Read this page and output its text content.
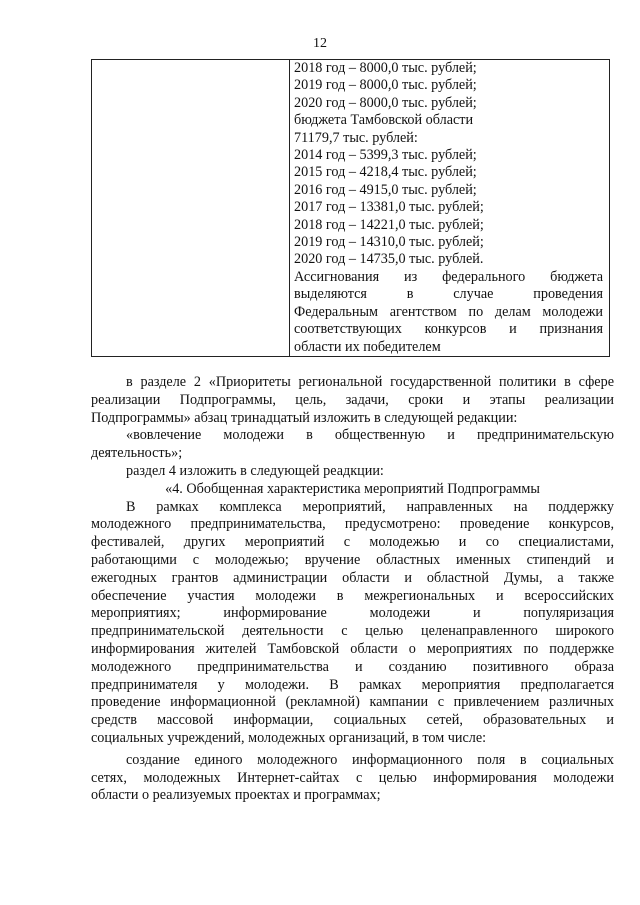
12

2018 год – 8000,0 тыс. рублей;
2019 год – 8000,0 тыс. рублей;
2020 год – 8000,0 тыс. рублей;
бюджета Тамбовской области
71179,7 тыс. рублей:
2014 год – 5399,3 тыс. рублей;
2015 год – 4218,4 тыс. рублей;
2016 год – 4915,0 тыс. рублей;
2017 год – 13381,0 тыс. рублей;
2018 год – 14221,0 тыс. рублей;
2019 год – 14310,0 тыс. рублей;
2020 год – 14735,0 тыс. рублей.
Ассигнования из федерального бюджета
выделяются в случае проведения
Федеральным агентством по делам молодежи
соответствующих конкурсов и признания
области их победителем
в разделе 2 «Приоритеты региональной государственной политики в сфере
реализации Подпрограммы, цель, задачи, сроки и этапы реализации
Подпрограммы» абзац тринадцатый изложить в следующей редакции:
«вовлечение молодежи в общественную и предпринимательскую
деятельность»;
раздел 4 изложить в следующей реадкции:
«4. Обобщенная характеристика мероприятий Подпрограммы
В рамках комплекса мероприятий, направленных на поддержку
молодежного предпринимательства, предусмотрено: проведение конкурсов,
фестивалей, других мероприятий с молодежью и со специалистами,
работающими с молодежью; вручение областных именных стипендий и
ежегодных грантов администрации области и областной Думы, а также
обеспечение участия молодежи в межрегиональных и всероссийских
мероприятиях; информирование молодежи и популяризация
предпринимательской деятельности с целью целенаправленного широкого
информирования жителей Тамбовской области о мероприятиях по поддержке
молодежного предпринимательства и созданию позитивного образа
предпринимателя у молодежи. В рамках мероприятия предполагается
проведение информационной (рекламной) кампании с привлечением различных
средств массовой информации, социальных сетей, образовательных и
социальных учреждений, молодежных организаций, в том числе:
создание единого молодежного информационного поля в социальных
сетях, молодежных Интернет-сайтах с целью информирования молодежи
области о реализуемых проектах и программах;
